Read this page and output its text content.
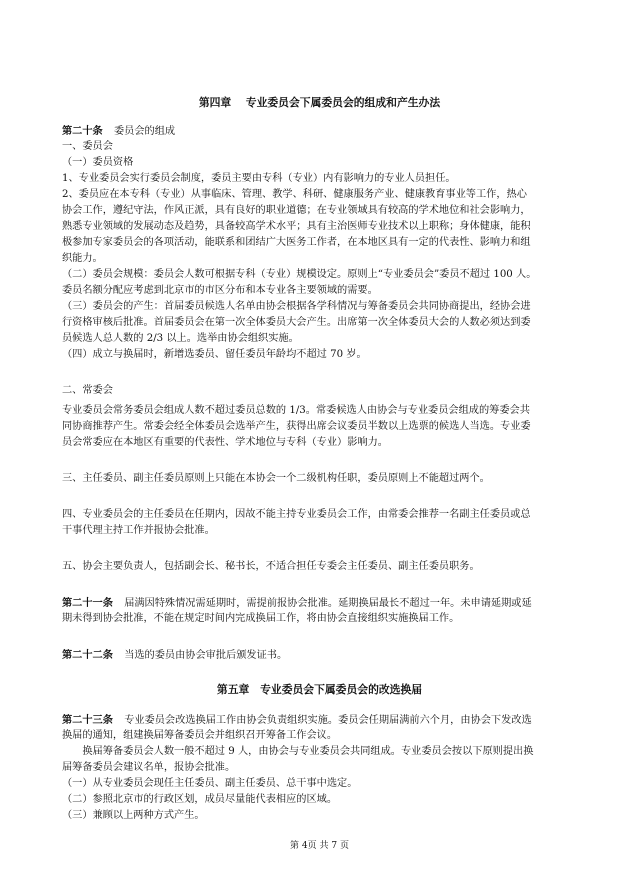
第四章　 专业委员会下属委员会的组成和产生办法
第二十条 委员会的组成
一、委员会
（一）委员资格
1、专业委员会实行委员会制度，委员主要由专科（专业）内有影响力的专业人员担任。
2、委员应在本专科（专业）从事临床、管理、教学、科研、健康服务产业、健康教育事业等工作，热心
协会工作，遵纪守法，作风正派，具有良好的职业道德；在专业领域具有较高的学术地位和社会影响力，
熟悉专业领域的发展动态及趋势，具备较高学术水平；具有主治医师专业技术以上职称；身体健康，能积
极参加专家委员会的各项活动，能联系和团结广大医务工作者，在本地区具有一定的代表性、影响力和组
织能力。
（二）委员会规模：委员会人数可根据专科（专业）规模设定。原则上“专业委员会”委员不超过 100 人。
委员名额分配应考虑到北京市的市区分布和本专业各主要领域的需要。
（三）委员会的产生：首届委员候选人名单由协会根据各学科情况与筹备委员会共同协商提出，经协会进
行资格审核后批准。首届委员会在第一次全体委员大会产生。出席第一次全体委员大会的人数必须达到委
员候选人总人数的 2/3 以上。选举由协会组织实施。
（四）成立与换届时，新增选委员、留任委员年龄均不超过 70 岁。
二、常委会
专业委员会常务委员会组成人数不超过委员总数的 1/3。常委候选人由协会与专业委员会组成的筹委会共
同协商推荐产生。常委会经全体委员会选举产生，获得出席会议委员半数以上选票的候选人当选。专业委
员会常委应在本地区有重要的代表性、学术地位与专科（专业）影响力。
三、主任委员、副主任委员原则上只能在本协会一个二级机构任职，委员原则上不能超过两个。
四、专业委员会的主任委员在任期内，因故不能主持专业委员会工作，由常委会推荐一名副主任委员或总
干事代理主持工作并报协会批准。
五、协会主要负责人，包括副会长、秘书长，不适合担任专委会主任委员、副主任委员职务。
第二十一条 届满因特殊情况需延期时，需提前报协会批准。延期换届最长不超过一年。未申请延期或延
期未得到协会批准，不能在规定时间内完成换届工作，将由协会直接组织实施换届工作。
第二十二条 当选的委员由协会审批后颁发证书。
第五章　专业委员会下属委员会的改选换届
第二十三条 专业委员会改选换届工作由协会负责组织实施。委员会任期届满前六个月，由协会下发改选
换届的通知，组建换届筹备委员会并组织召开筹备工作会议。
　　换届筹备委员会人数一般不超过 9 人，由协会与专业委员会共同组成。专业委员会按以下原则提出换
届筹备委员会建议名单，报协会批准。
（一）从专业委员会现任主任委员、副主任委员、总干事中选定。
（二）参照北京市的行政区划，成员尽量能代表相应的区域。
（三）兼顾以上两种方式产生。
第 4页 共 7 页
